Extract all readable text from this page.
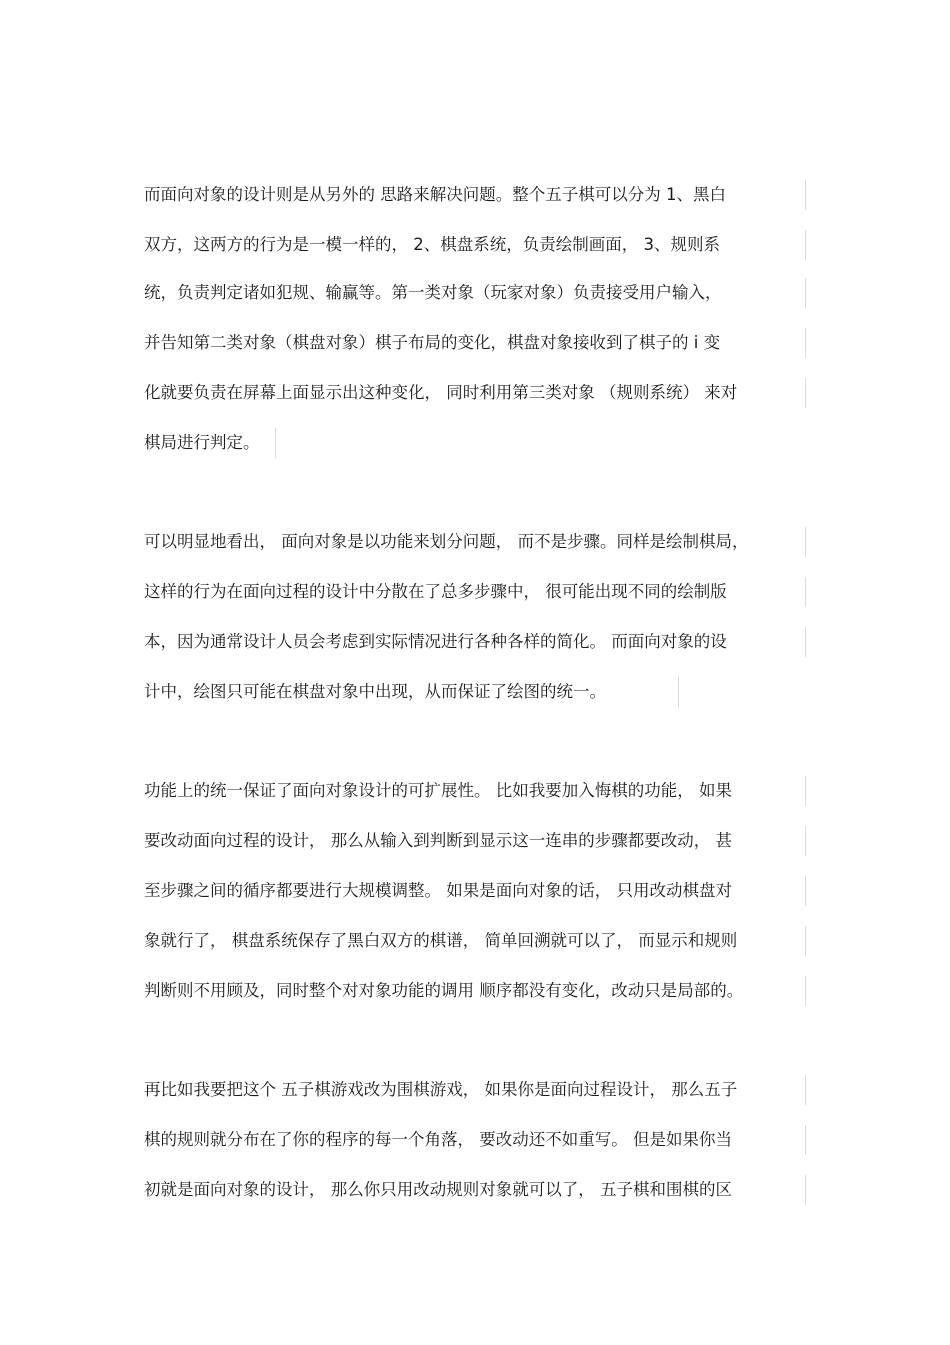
而面向对象的设计则是从另外的 思路来解决问题。整个五子棋可以分为 1、黑白
双方，这两方的行为是一模一样的， 2、棋盘系统，负责绘制画面， 3、规则系
统，负责判定诸如犯规、输赢等。第一类对象（玩家对象）负责接受用户输入，
并告知第二类对象（棋盘对象）棋子布局的变化，棋盘对象接收到了棋子的 i 变
化就要负责在屏幕上面显示出这种变化， 同时利用第三类对象 （规则系统） 来对
棋局进行判定。
可以明显地看出， 面向对象是以功能来划分问题， 而不是步骤。同样是绘制棋局，
这样的行为在面向过程的设计中分散在了总多步骤中， 很可能出现不同的绘制版
本，因为通常设计人员会考虑到实际情况进行各种各样的简化。 而面向对象的设
计中，绘图只可能在棋盘对象中出现，从而保证了绘图的统一。
功能上的统一保证了面向对象设计的可扩展性。 比如我要加入悔棋的功能， 如果
要改动面向过程的设计， 那么从输入到判断到显示这一连串的步骤都要改动， 甚
至步骤之间的循序都要进行大规模调整。 如果是面向对象的话， 只用改动棋盘对
象就行了， 棋盘系统保存了黑白双方的棋谱， 简单回溯就可以了， 而显示和规则
判断则不用顾及，同时整个对对象功能的调用 顺序都没有变化，改动只是局部的。
再比如我要把这个 五子棋游戏改为围棋游戏， 如果你是面向过程设计， 那么五子
棋的规则就分布在了你的程序的每一个角落， 要改动还不如重写。 但是如果你当
初就是面向对象的设计， 那么你只用改动规则对象就可以了， 五子棋和围棋的区
